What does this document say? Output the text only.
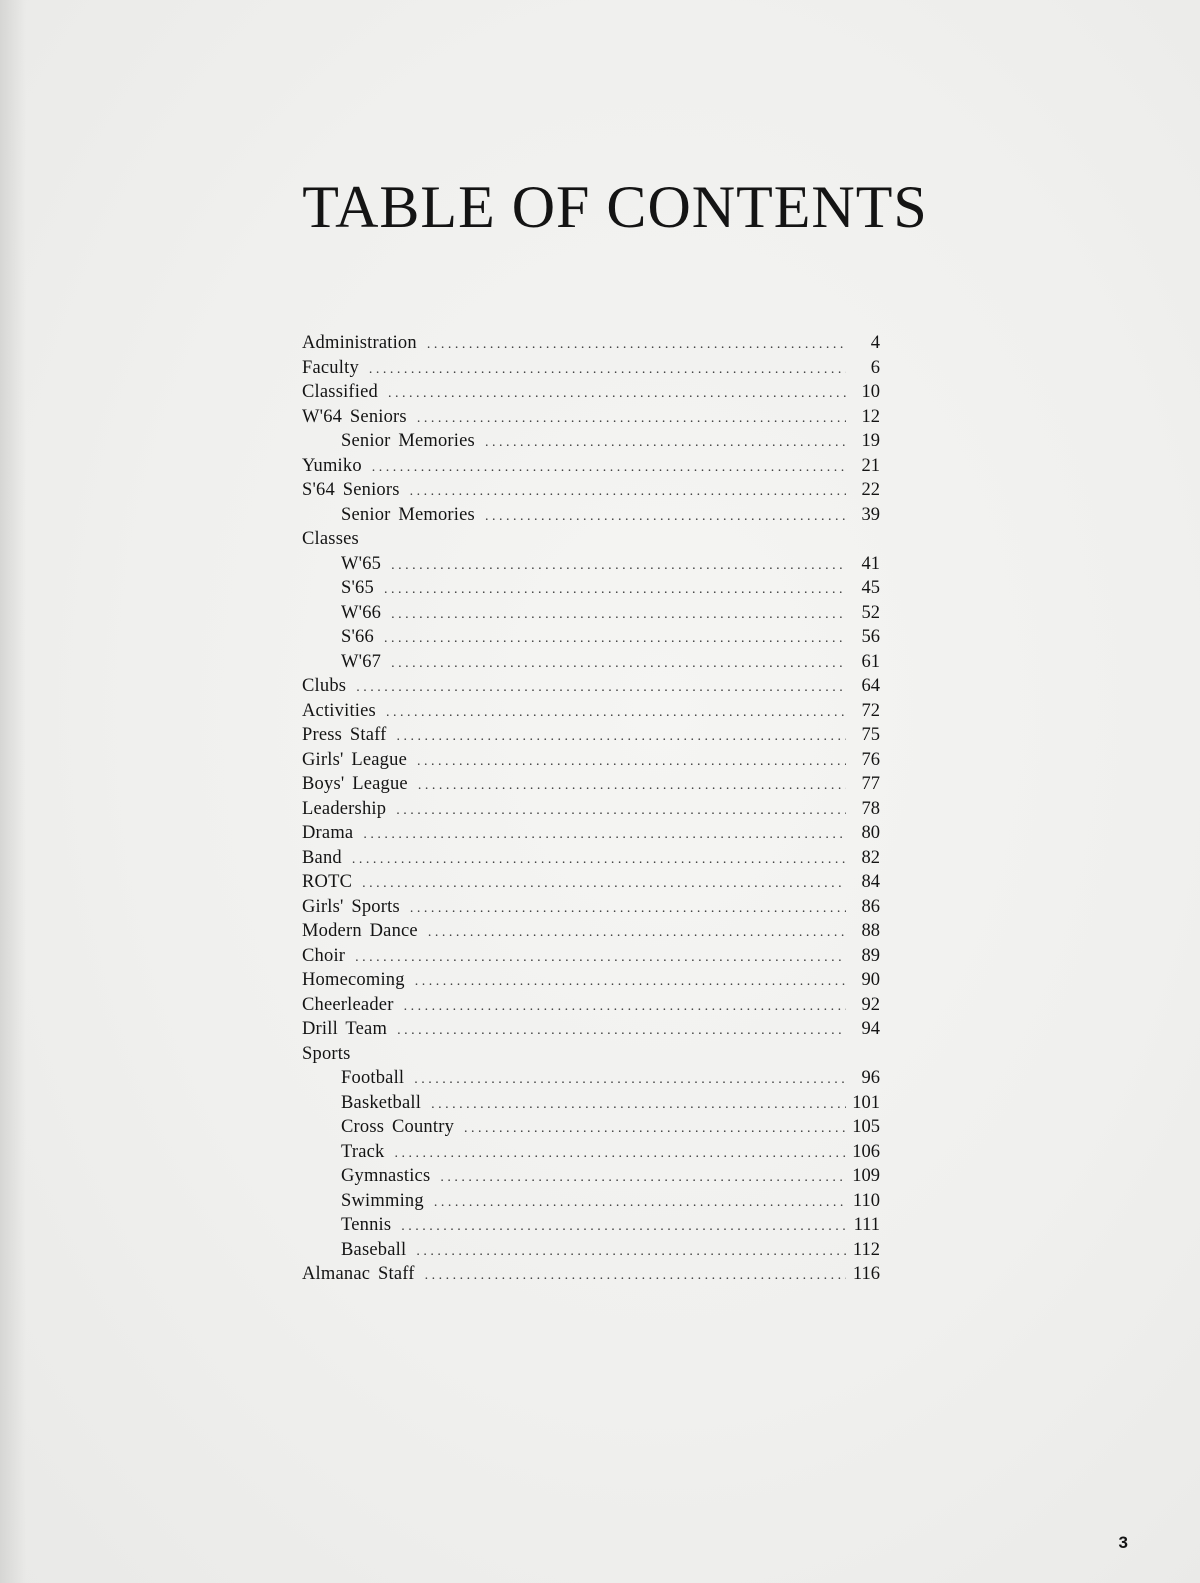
TABLE OF CONTENTS
Administration . . .	4
Faculty . . .	6
Classified . . .	10
W'64 Seniors . . .	12
Senior Memories . . .	19
Yumiko . . .	21
S'64 Seniors . . .	22
Senior Memories . . .	39
Classes
W'65 . . .	41
S'65 . . .	45
W'66 . . .	52
S'66 . . .	56
W'67 . . .	61
Clubs . . .	64
Activities . . .	72
Press Staff . . .	75
Girls' League . . .	76
Boys' League . . .	77
Leadership . . .	78
Drama . . .	80
Band . . .	82
ROTC . . .	84
Girls' Sports . . .	86
Modern Dance . . .	88
Choir . . .	89
Homecoming . . .	90
Cheerleader . . .	92
Drill Team . . .	94
Sports
Football . . .	96
Basketball . . .	101
Cross Country . . .	105
Track . . .	106
Gymnastics . . .	109
Swimming . . .	110
Tennis . . .	111
Baseball . . .	112
Almanac Staff . . .	116
3
